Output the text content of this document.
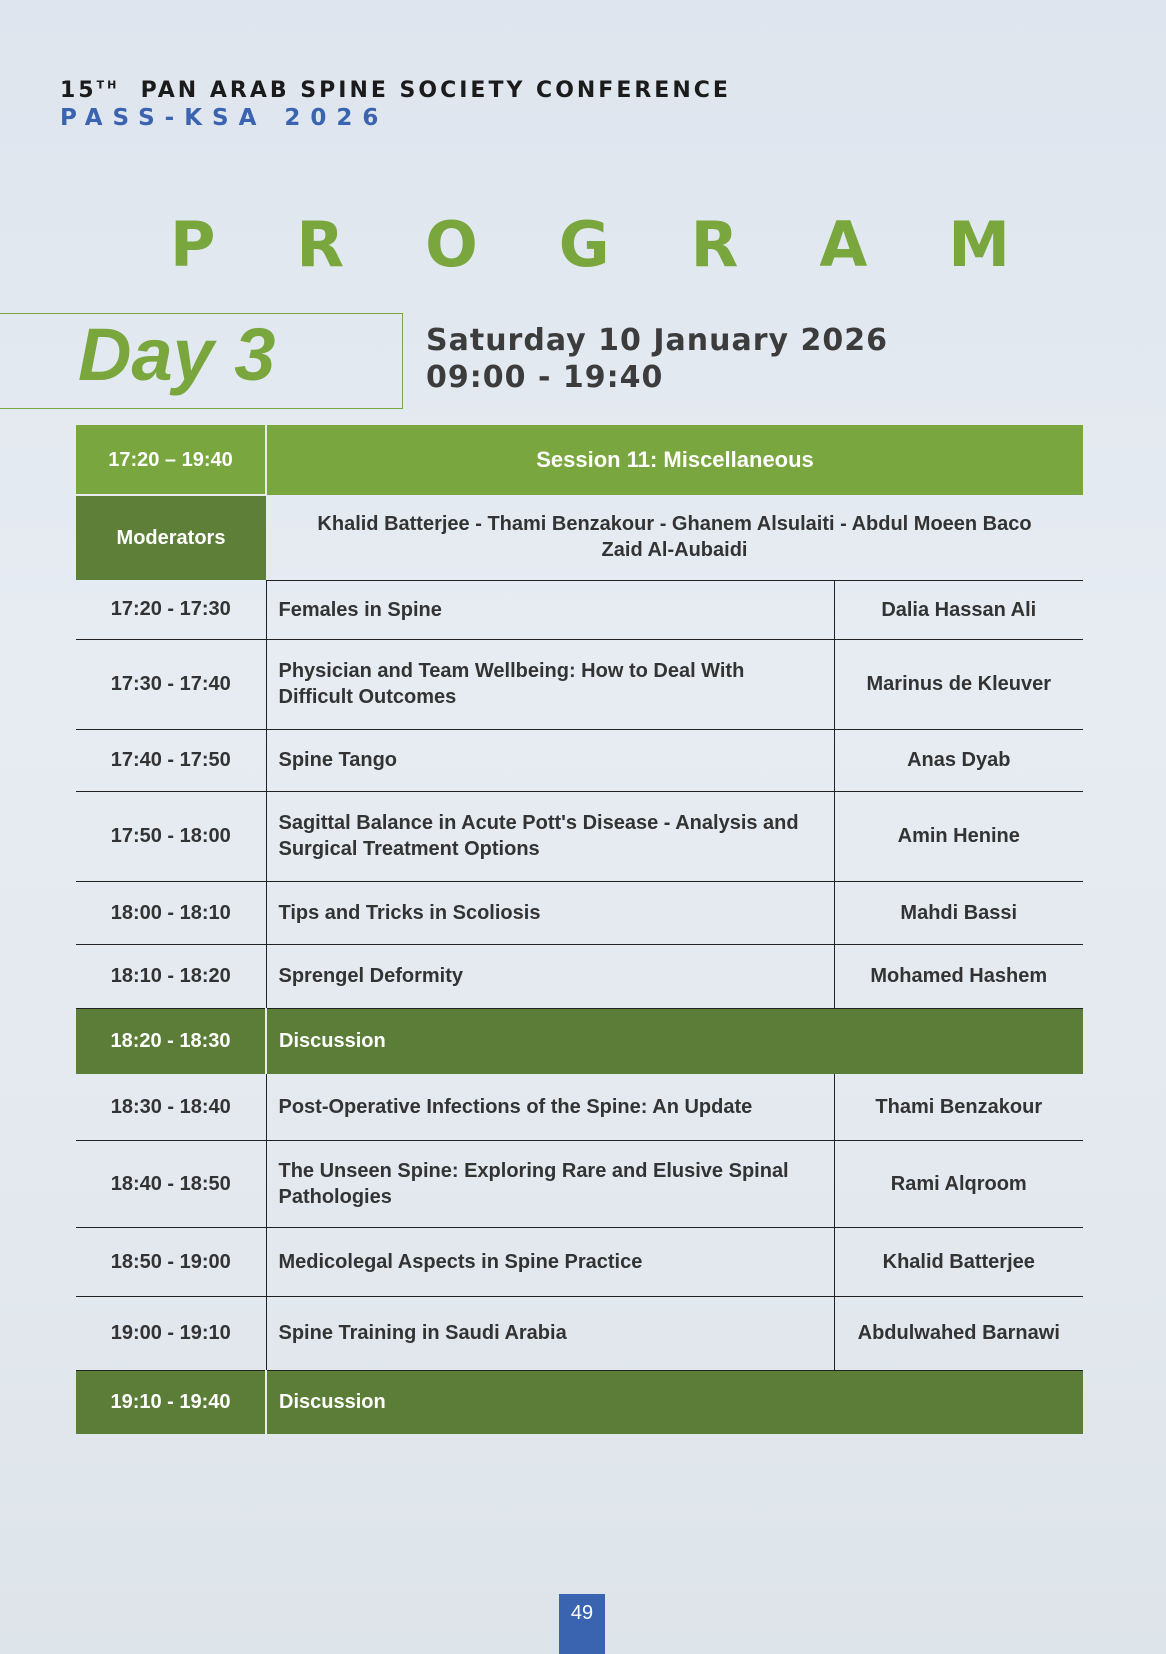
15TH PAN ARAB SPINE SOCIETY CONFERENCE
PASS-KSA 2026
P R O G R A M
Day 3	Saturday 10 January 2026
09:00 - 19:40
17:20 – 19:40	Session 11: Miscellaneous	
Moderators	Khalid Batterjee - Thami Benzakour - Ghanem Alsulaiti - Abdul Moeen Baco
Zaid Al-Aubaidi	

17:20 - 17:30	Females in Spine	Dalia Hassan Ali
17:30 - 17:40	Physician and Team Wellbeing: How to Deal With Difficult Outcomes	Marinus de Kleuver
17:40 - 17:50	Spine Tango	Anas Dyab
17:50 - 18:00	Sagittal Balance in Acute Pott's Disease - Analysis and Surgical Treatment Options	Amin Henine
18:00 - 18:10	Tips and Tricks in Scoliosis	Mahdi Bassi
18:10 - 18:20	Sprengel Deformity	Mohamed Hashem
18:20 - 18:30	Discussion	
18:30 - 18:40	Post-Operative Infections of the Spine: An Update	Thami Benzakour
18:40 - 18:50	The Unseen Spine: Exploring Rare and Elusive Spinal Pathologies	Rami Alqroom
18:50 - 19:00	Medicolegal Aspects in Spine Practice	Khalid Batterjee
19:00 - 19:10	Spine Training in Saudi Arabia	Abdulwahed Barnawi
19:10 - 19:40	Discussion	
49
